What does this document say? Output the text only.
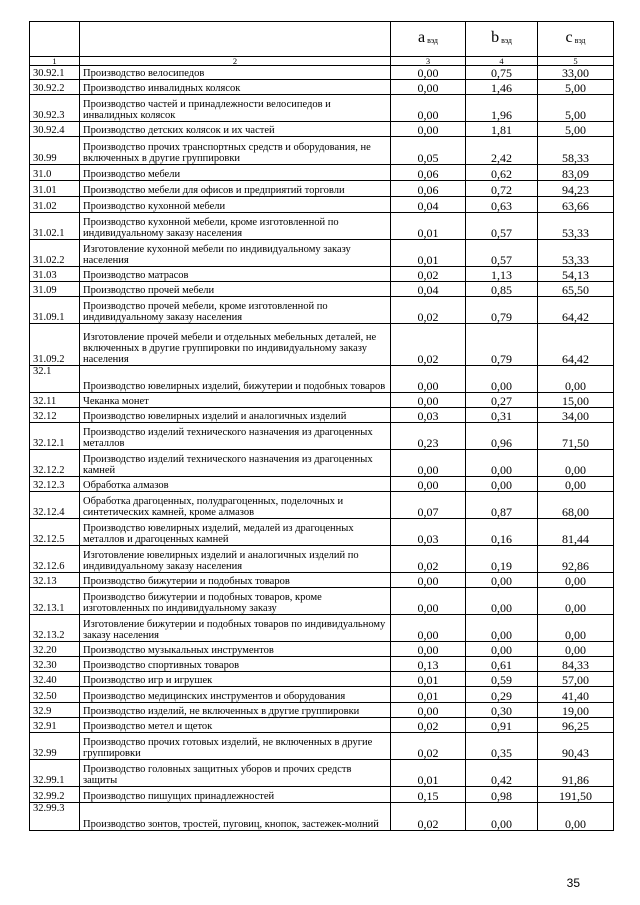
		a $_{вэд}$	b $_{вэд}$	c $_{вэд}$
1	2	3	4	5
30.92.1	Производство велосипедов	0,00	0,75	33,00
30.92.2	Производство инвалидных колясок	0,00	1,46	5,00
30.92.3	Производство частей и принадлежности велосипедов и инвалидных колясок	0,00	1,96	5,00
30.92.4	Производство детских колясок и их частей	0,00	1,81	5,00
30.99	Производство прочих транспортных средств и оборудования, не включенных в другие группировки	0,05	2,42	58,33
31.0	Производство мебели	0,06	0,62	83,09
31.01	Производство мебели для офисов и предприятий торговли	0,06	0,72	94,23
31.02	Производство кухонной мебели	0,04	0,63	63,66
31.02.1	Производство кухонной мебели, кроме изготовленной по индивидуальному заказу населения	0,01	0,57	53,33
31.02.2	Изготовление кухонной мебели по индивидуальному заказу населения	0,01	0,57	53,33
31.03	Производство матрасов	0,02	1,13	54,13
31.09	Производство прочей мебели	0,04	0,85	65,50
31.09.1	Производство прочей мебели, кроме изготовленной по индивидуальному заказу населения	0,02	0,79	64,42
31.09.2	Изготовление прочей мебели и отдельных мебельных деталей, не включенных в другие группировки по индивидуальному заказу населения	0,02	0,79	64,42
32.1	Производство ювелирных изделий, бижутерии и подобных товаров	0,00	0,00	0,00
32.11	Чеканка монет	0,00	0,27	15,00
32.12	Производство ювелирных изделий и аналогичных изделий	0,03	0,31	34,00
32.12.1	Производство изделий технического назначения из драгоценных металлов	0,23	0,96	71,50
32.12.2	Производство изделий технического назначения из драгоценных камней	0,00	0,00	0,00
32.12.3	Обработка алмазов	0,00	0,00	0,00
32.12.4	Обработка драгоценных, полудрагоценных, поделочных и синтетических камней, кроме алмазов	0,07	0,87	68,00
32.12.5	Производство ювелирных изделий, медалей из драгоценных металлов и драгоценных камней	0,03	0,16	81,44
32.12.6	Изготовление ювелирных изделий и аналогичных изделий по индивидуальному заказу населения	0,02	0,19	92,86
32.13	Производство бижутерии и подобных товаров	0,00	0,00	0,00
32.13.1	Производство бижутерии и подобных товаров, кроме изготовленных по индивидуальному заказу	0,00	0,00	0,00
32.13.2	Изготовление бижутерии и подобных товаров по индивидуальному заказу населения	0,00	0,00	0,00
32.20	Производство музыкальных инструментов	0,00	0,00	0,00
32.30	Производство спортивных товаров	0,13	0,61	84,33
32.40	Производство игр и игрушек	0,01	0,59	57,00
32.50	Производство медицинских инструментов и оборудования	0,01	0,29	41,40
32.9	Производство изделий, не включенных в другие группировки	0,00	0,30	19,00
32.91	Производство метел и щеток	0,02	0,91	96,25
32.99	Производство прочих готовых изделий, не включенных в другие группировки	0,02	0,35	90,43
32.99.1	Производство головных защитных уборов и прочих средств защиты	0,01	0,42	91,86
32.99.2	Производство пишущих принадлежностей	0,15	0,98	191,50
32.99.3	Производство зонтов, тростей, пуговиц, кнопок, застежек-молний	0,02	0,00	0,00
35
